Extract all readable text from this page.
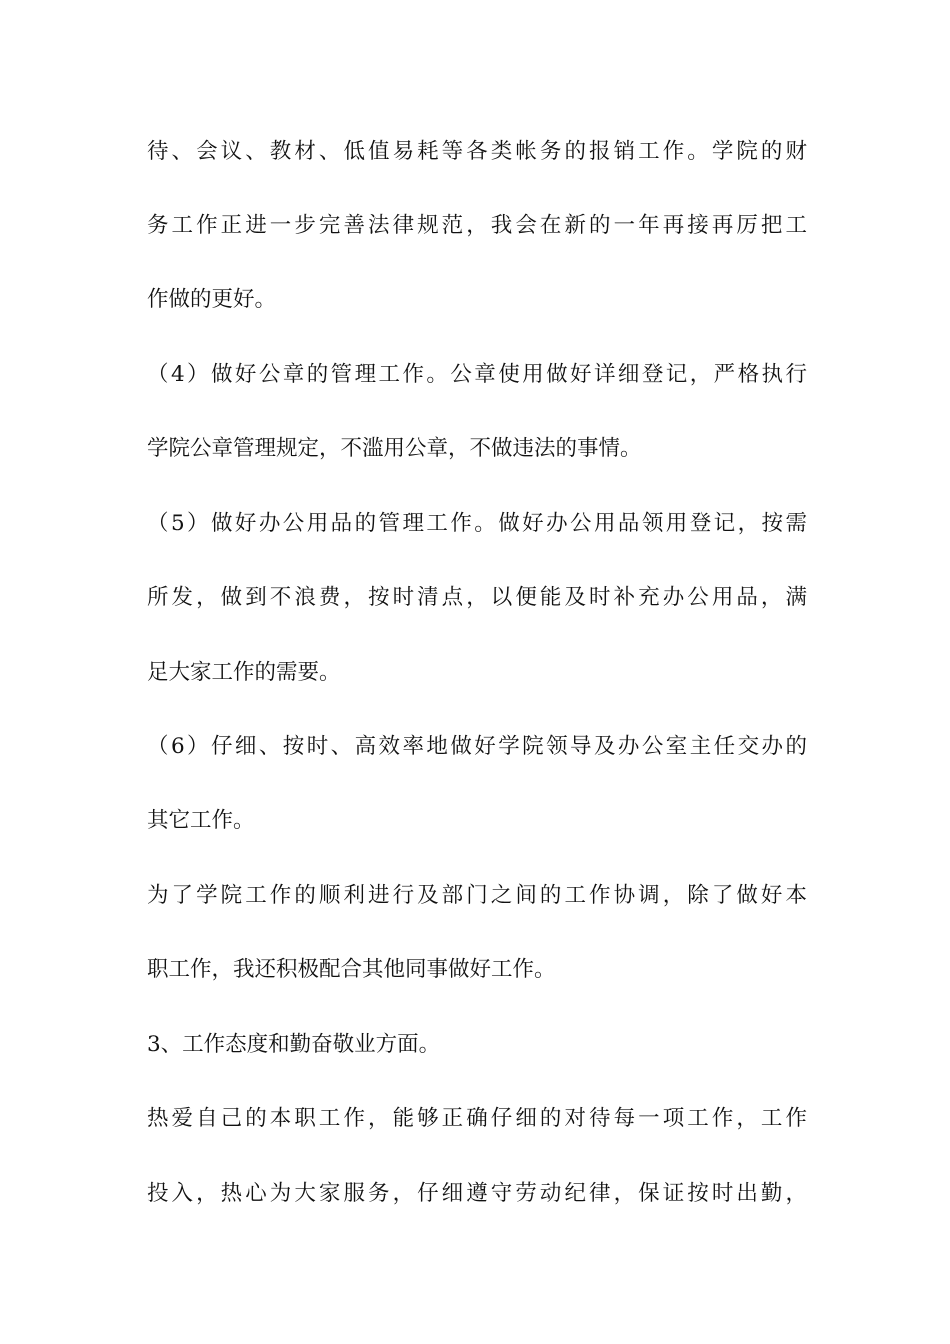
待、会议、教材、低值易耗等各类帐务的报销工作。学院的财
务工作正进一步完善法律规范，我会在新的一年再接再厉把工
作做的更好。
（4）做好公章的管理工作。公章使用做好详细登记，严格执行
学院公章管理规定，不滥用公章，不做违法的事情。
（5）做好办公用品的管理工作。做好办公用品领用登记，按需
所发，做到不浪费，按时清点，以便能及时补充办公用品，满
足大家工作的需要。
（6）仔细、按时、高效率地做好学院领导及办公室主任交办的
其它工作。
为了学院工作的顺利进行及部门之间的工作协调，除了做好本
职工作，我还积极配合其他同事做好工作。
3、工作态度和勤奋敬业方面。
热爱自己的本职工作，能够正确仔细的对待每一项工作，工作
投入，热心为大家服务，仔细遵守劳动纪律，保证按时出勤，
